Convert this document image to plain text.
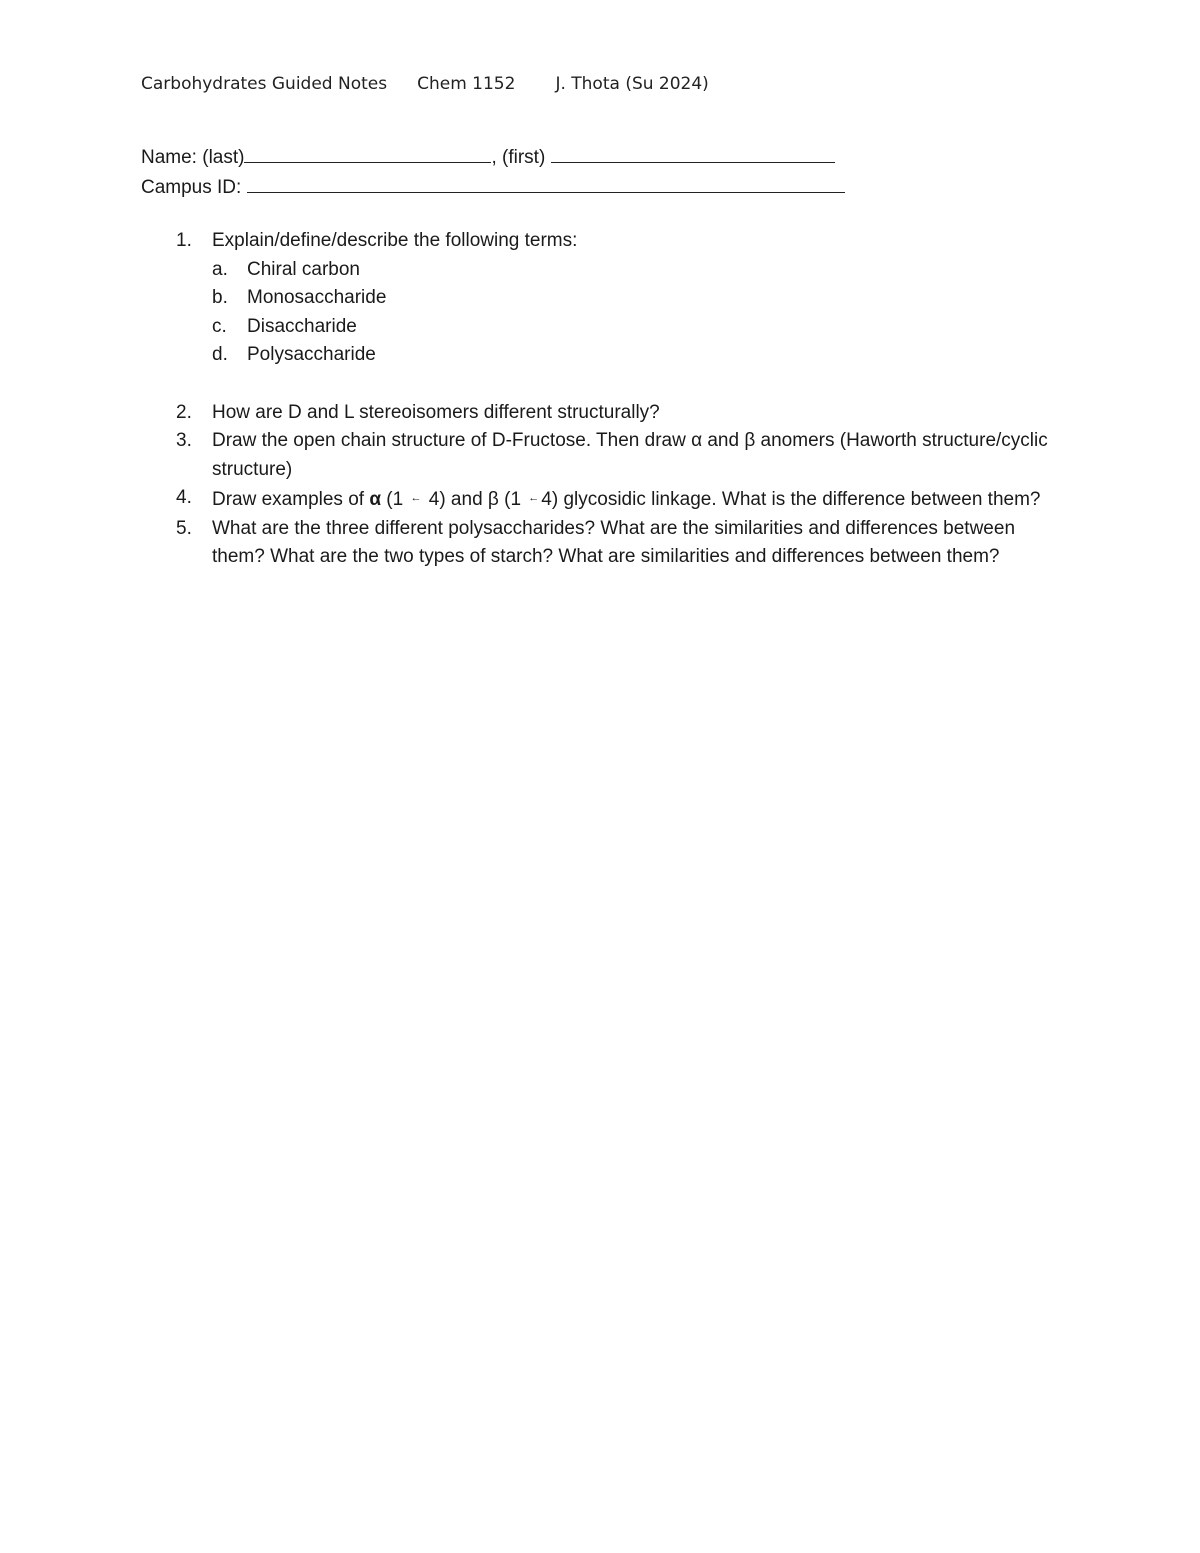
Carbohydrates Guided Notes Chem 1152 J. Thota (Su 2024)
Name: (last)	, (first)
Campus ID:
1.	Explain/define/describe the following terms:
a. Chiral carbon
b. Monosaccharide
c. Disaccharide
d. Polysaccharide
2.	How are D and L stereoisomers different structurally?
3.	Draw the open chain structure of D-Fructose. Then draw α and β anomers (Haworth structure/cyclic structure)
4.	Draw examples of α (1 ← 4) and β (1 ← 4) glycosidic linkage. What is the difference between them?
5.	What are the three different polysaccharides? What are the similarities and differences between them? What are the two types of starch? What are similarities and differences between them?
